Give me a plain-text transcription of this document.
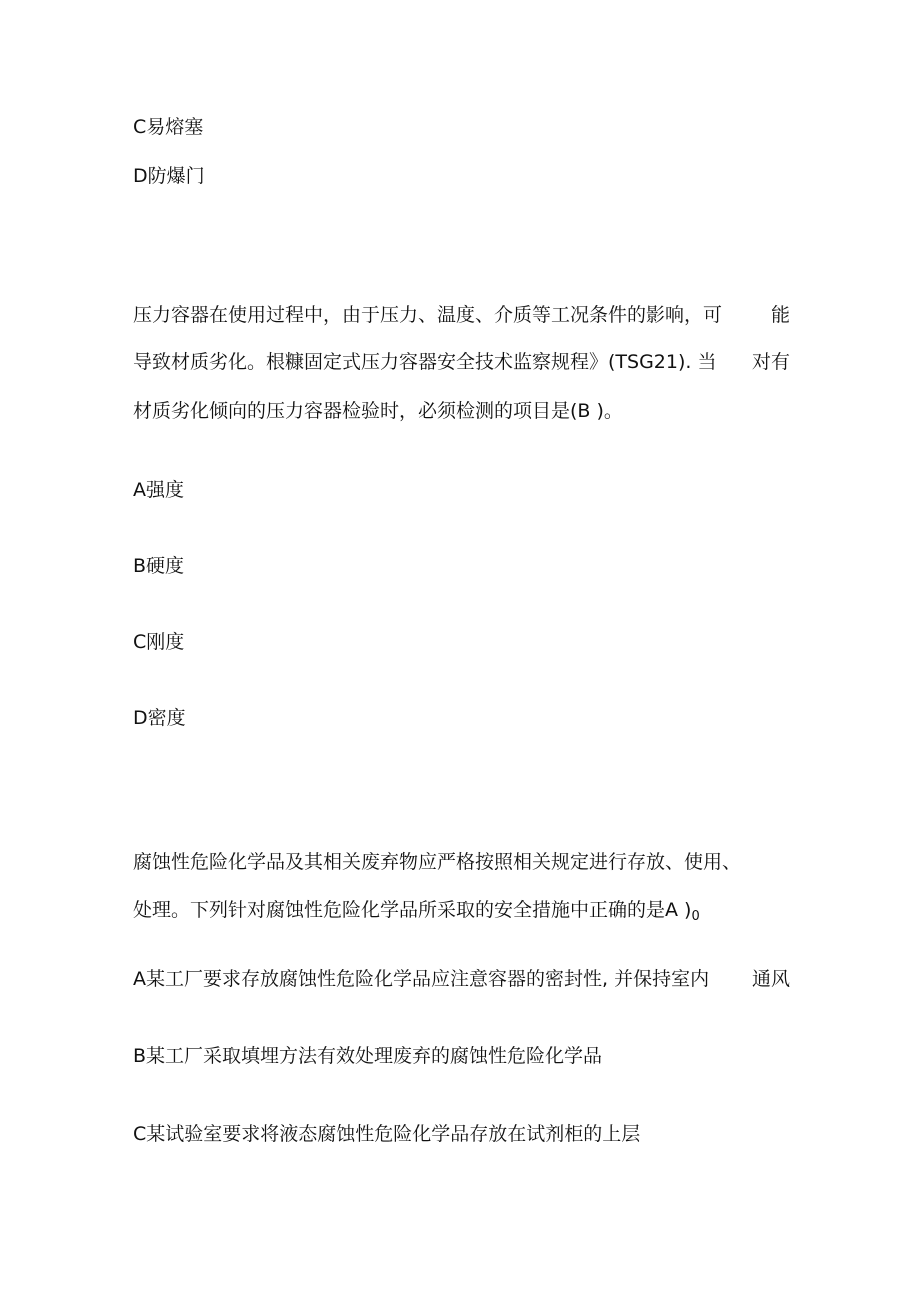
C易熔塞
D防爆门
压力容器在使用过程中，由于压力、温度、介质等工况条件的影响，可	能
导致材质劣化。根糠固定式压力容器安全技术监察规程》(TSG21). 当 对有
材质劣化倾向的压力容器检验时，必须检测的项目是(B )。
A强度
B硬度
C刚度
D密度
腐蚀性危险化学品及其相关废弃物应严格按照相关规定进行存放、使用、
处理。下列针对腐蚀性危险化学品所采取的安全措施中正确的是A )$_0$
A某工厂要求存放腐蚀性危险化学品应注意容器的密封性, 并保持室内 通风
B某工厂采取填埋方法有效处理废弃的腐蚀性危险化学品
C某试验室要求将液态腐蚀性危险化学品存放在试剂柜的上层
